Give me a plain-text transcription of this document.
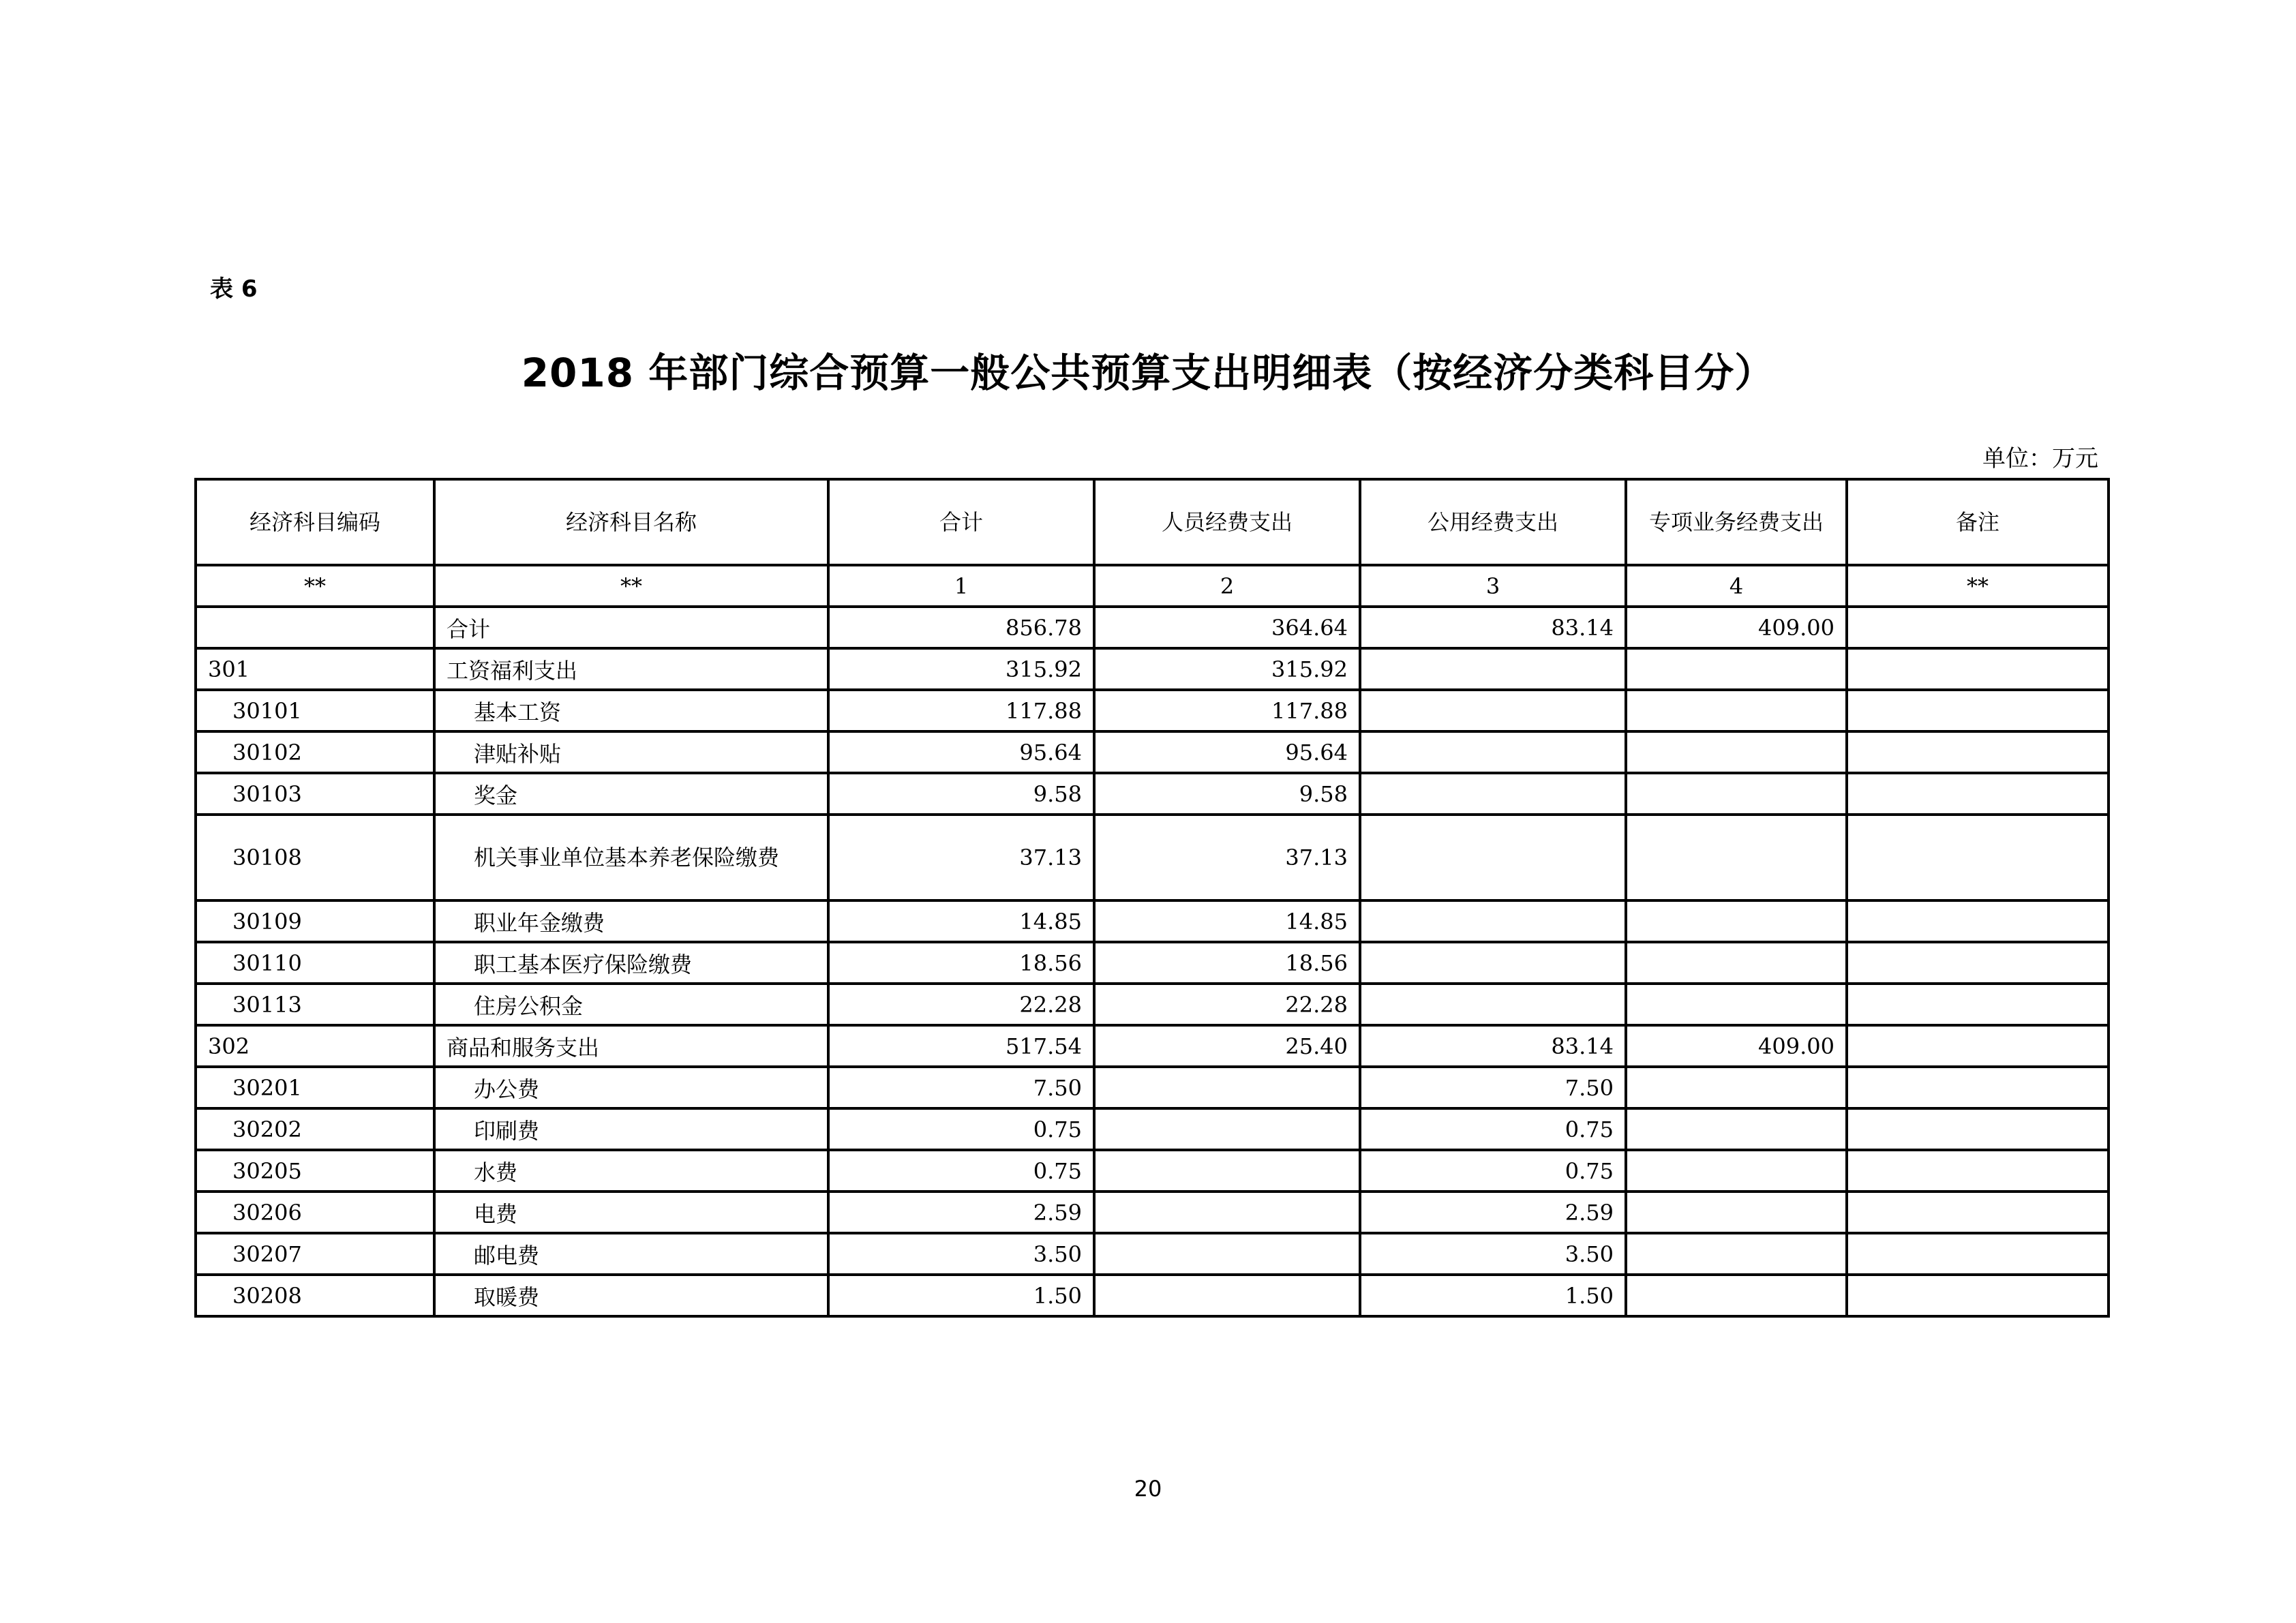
表 6
2018 年部门综合预算一般公共预算支出明细表（按经济分类科目分）
单位：万元
经济科目编码	经济科目名称	合计	人员经费支出	公用经费支出	专项业务经费支出	备注
**	**	1	2	3	4	**
	合计	856.78	364.64	83.14	409.00	
301	工资福利支出	315.92	315.92			
30101	基本工资	117.88	117.88			
30102	津贴补贴	95.64	95.64			
30103	奖金	9.58	9.58			
30108	机关事业单位基本养老保险缴费	37.13	37.13			
30109	职业年金缴费	14.85	14.85			
30110	职工基本医疗保险缴费	18.56	18.56			
30113	住房公积金	22.28	22.28			
302	商品和服务支出	517.54	25.40	83.14	409.00	
30201	办公费	7.50		7.50		
30202	印刷费	0.75		0.75		
30205	水费	0.75		0.75		
30206	电费	2.59		2.59		
30207	邮电费	3.50		3.50		
30208	取暖费	1.50		1.50		
20
